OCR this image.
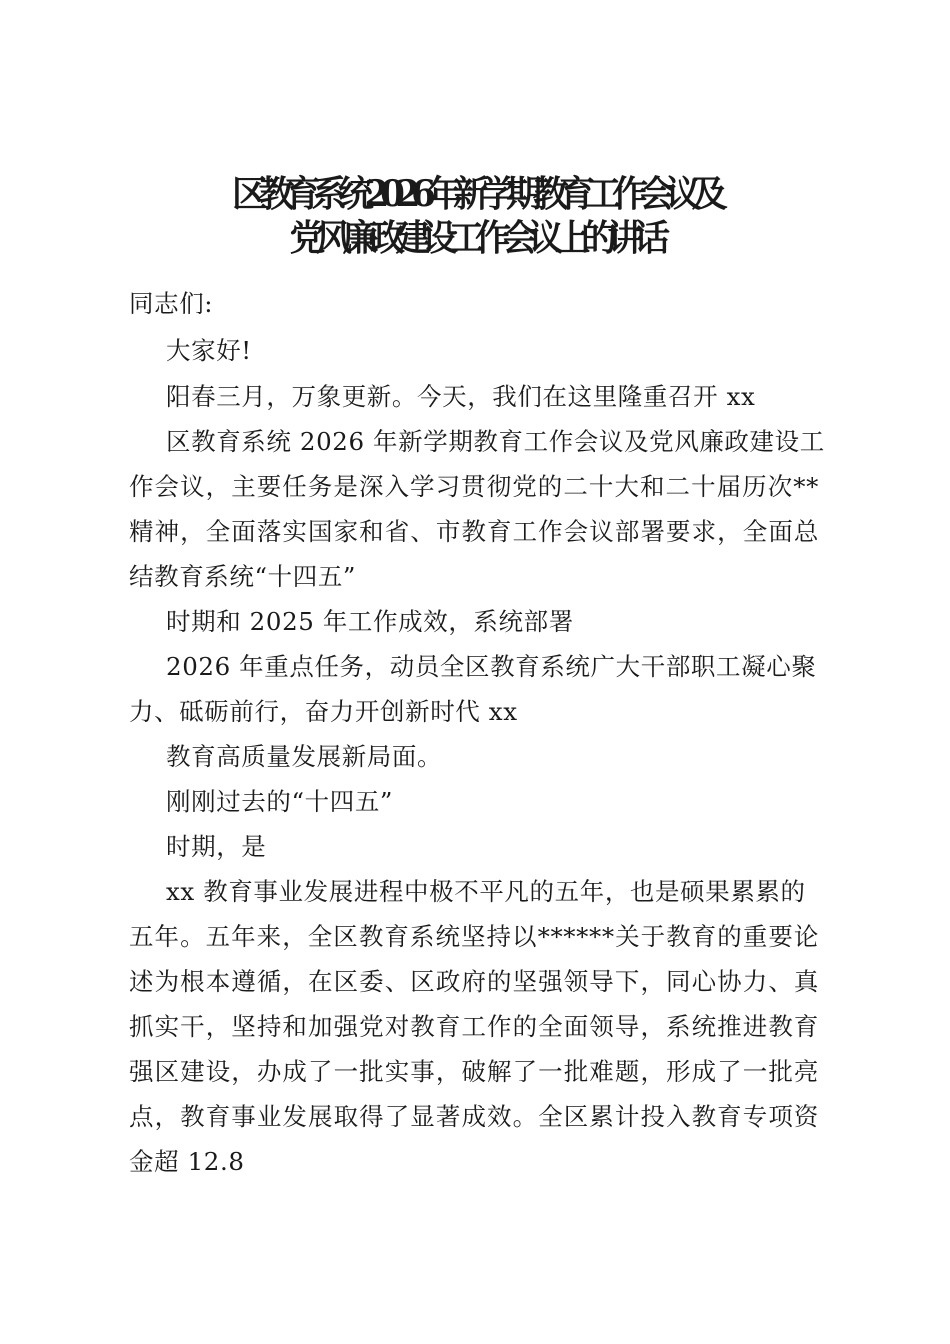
区教育系统2026年新学期教育工作会议及
党风廉政建设工作会议上的讲话
同志们:
大家好!
阳春三月，万象更新。今天，我们在这里隆重召开 xx
区教育系统 2026 年新学期教育工作会议及党风廉政建设工
作会议，主要任务是深入学习贯彻党的二十大和二十届历次**
精神，全面落实国家和省、市教育工作会议部署要求，全面总
结教育系统“十四五”
时期和 2025 年工作成效，系统部署
2026 年重点任务，动员全区教育系统广大干部职工凝心聚
力、砥砺前行，奋力开创新时代 xx
教育高质量发展新局面。
刚刚过去的“十四五”
时期，是
xx 教育事业发展进程中极不平凡的五年，也是硕果累累的
五年。五年来，全区教育系统坚持以******关于教育的重要论
述为根本遵循，在区委、区政府的坚强领导下，同心协力、真
抓实干，坚持和加强党对教育工作的全面领导，系统推进教育
强区建设，办成了一批实事，破解了一批难题，形成了一批亮
点，教育事业发展取得了显著成效。全区累计投入教育专项资
金超 12.8
